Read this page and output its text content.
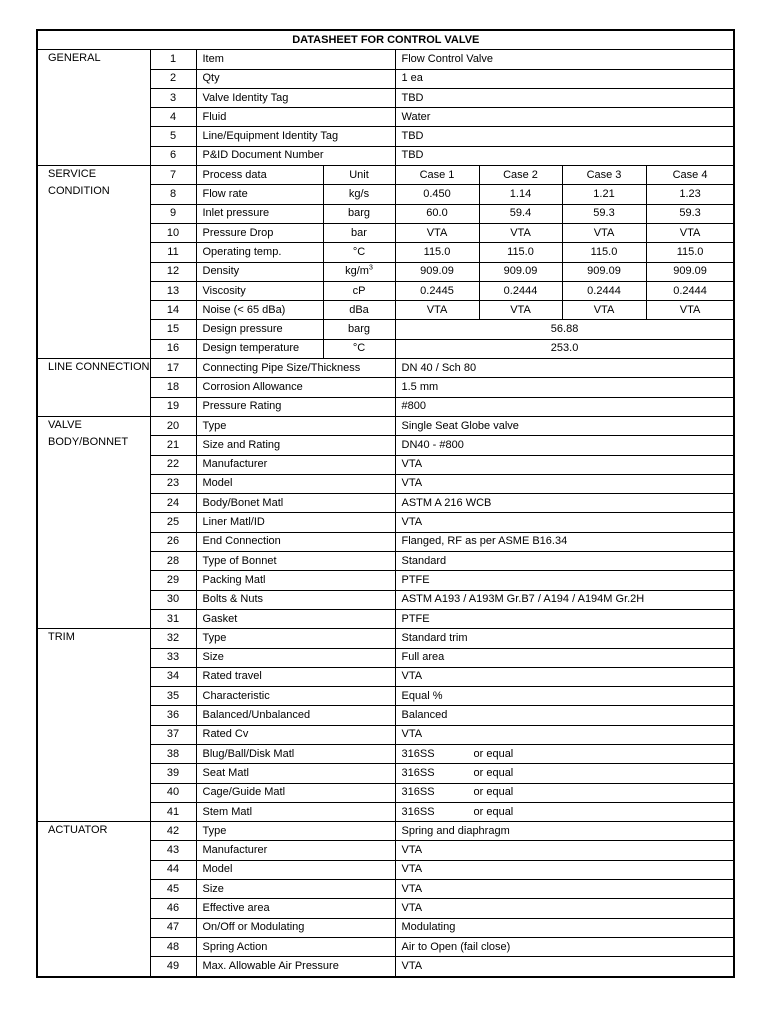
DATASHEET FOR CONTROL VALVE							
GENERAL	1	Item		Flow Control Valve			
	2	Qty		1 ea			
	3	Valve Identity Tag		TBD			
	4	Fluid		Water			
	5	Line/Equipment Identity Tag		TBD			
	6	P&ID Document Number		TBD			
SERVICE CONDITION	7	Process data	Unit	Case 1	Case 2	Case 3	Case 4
	8	Flow rate	kg/s	0.450	1.14	1.21	1.23
	9	Inlet pressure	barg	60.0	59.4	59.3	59.3
	10	Pressure Drop	bar	VTA	VTA	VTA	VTA
	11	Operating temp.	°C	115.0	115.0	115.0	115.0
	12	Density	$kg/m^3$	909.09	909.09	909.09	909.09
	13	Viscosity	cP	0.2445	0.2444	0.2444	0.2444
	14	Noise (< 65 dBa)	dBa	VTA	VTA	VTA	VTA
	15	Design pressure	barg	56.88			
	16	Design temperature	°C	253.0			
LINE CONNECTION	17	Connecting Pipe Size/Thickness		DN 40 / Sch 80			
	18	Corrosion Allowance		1.5 mm			
	19	Pressure Rating		#800			
VALVE BODY/BONNET	20	Type		Single Seat Globe valve			
	21	Size and Rating		DN40 - #800			
	22	Manufacturer		VTA			
	23	Model		VTA			
	24	Body/Bonet Matl		ASTM A 216 WCB			
	25	Liner Matl/ID		VTA			
	26	End Connection		Flanged, RF as per ASME B16.34			
	28	Type of Bonnet		Standard			
	29	Packing Matl		PTFE			
	30	Bolts & Nuts		ASTM A193 / A193M Gr.B7 / A194 / A194M Gr.2H			
	31	Gasket		PTFE			
TRIM	32	Type		Standard trim			
	33	Size		Full area			
	34	Rated travel		VTA			
	35	Characteristic		Equal %			
	36	Balanced/Unbalanced		Balanced			
	37	Rated Cv		VTA			
	38	Blug/Ball/Disk Matl		316SS or equal			
	39	Seat Matl		316SS or equal			
	40	Cage/Guide Matl		316SS or equal			
	41	Stem Matl		316SS or equal			
ACTUATOR	42	Type		Spring and diaphragm			
	43	Manufacturer		VTA			
	44	Model		VTA			
	45	Size		VTA			
	46	Effective area		VTA			
	47	On/Off or Modulating		Modulating			
	48	Spring Action		Air to Open (fail close)			
	49	Max. Allowable Air Pressure		VTA			
